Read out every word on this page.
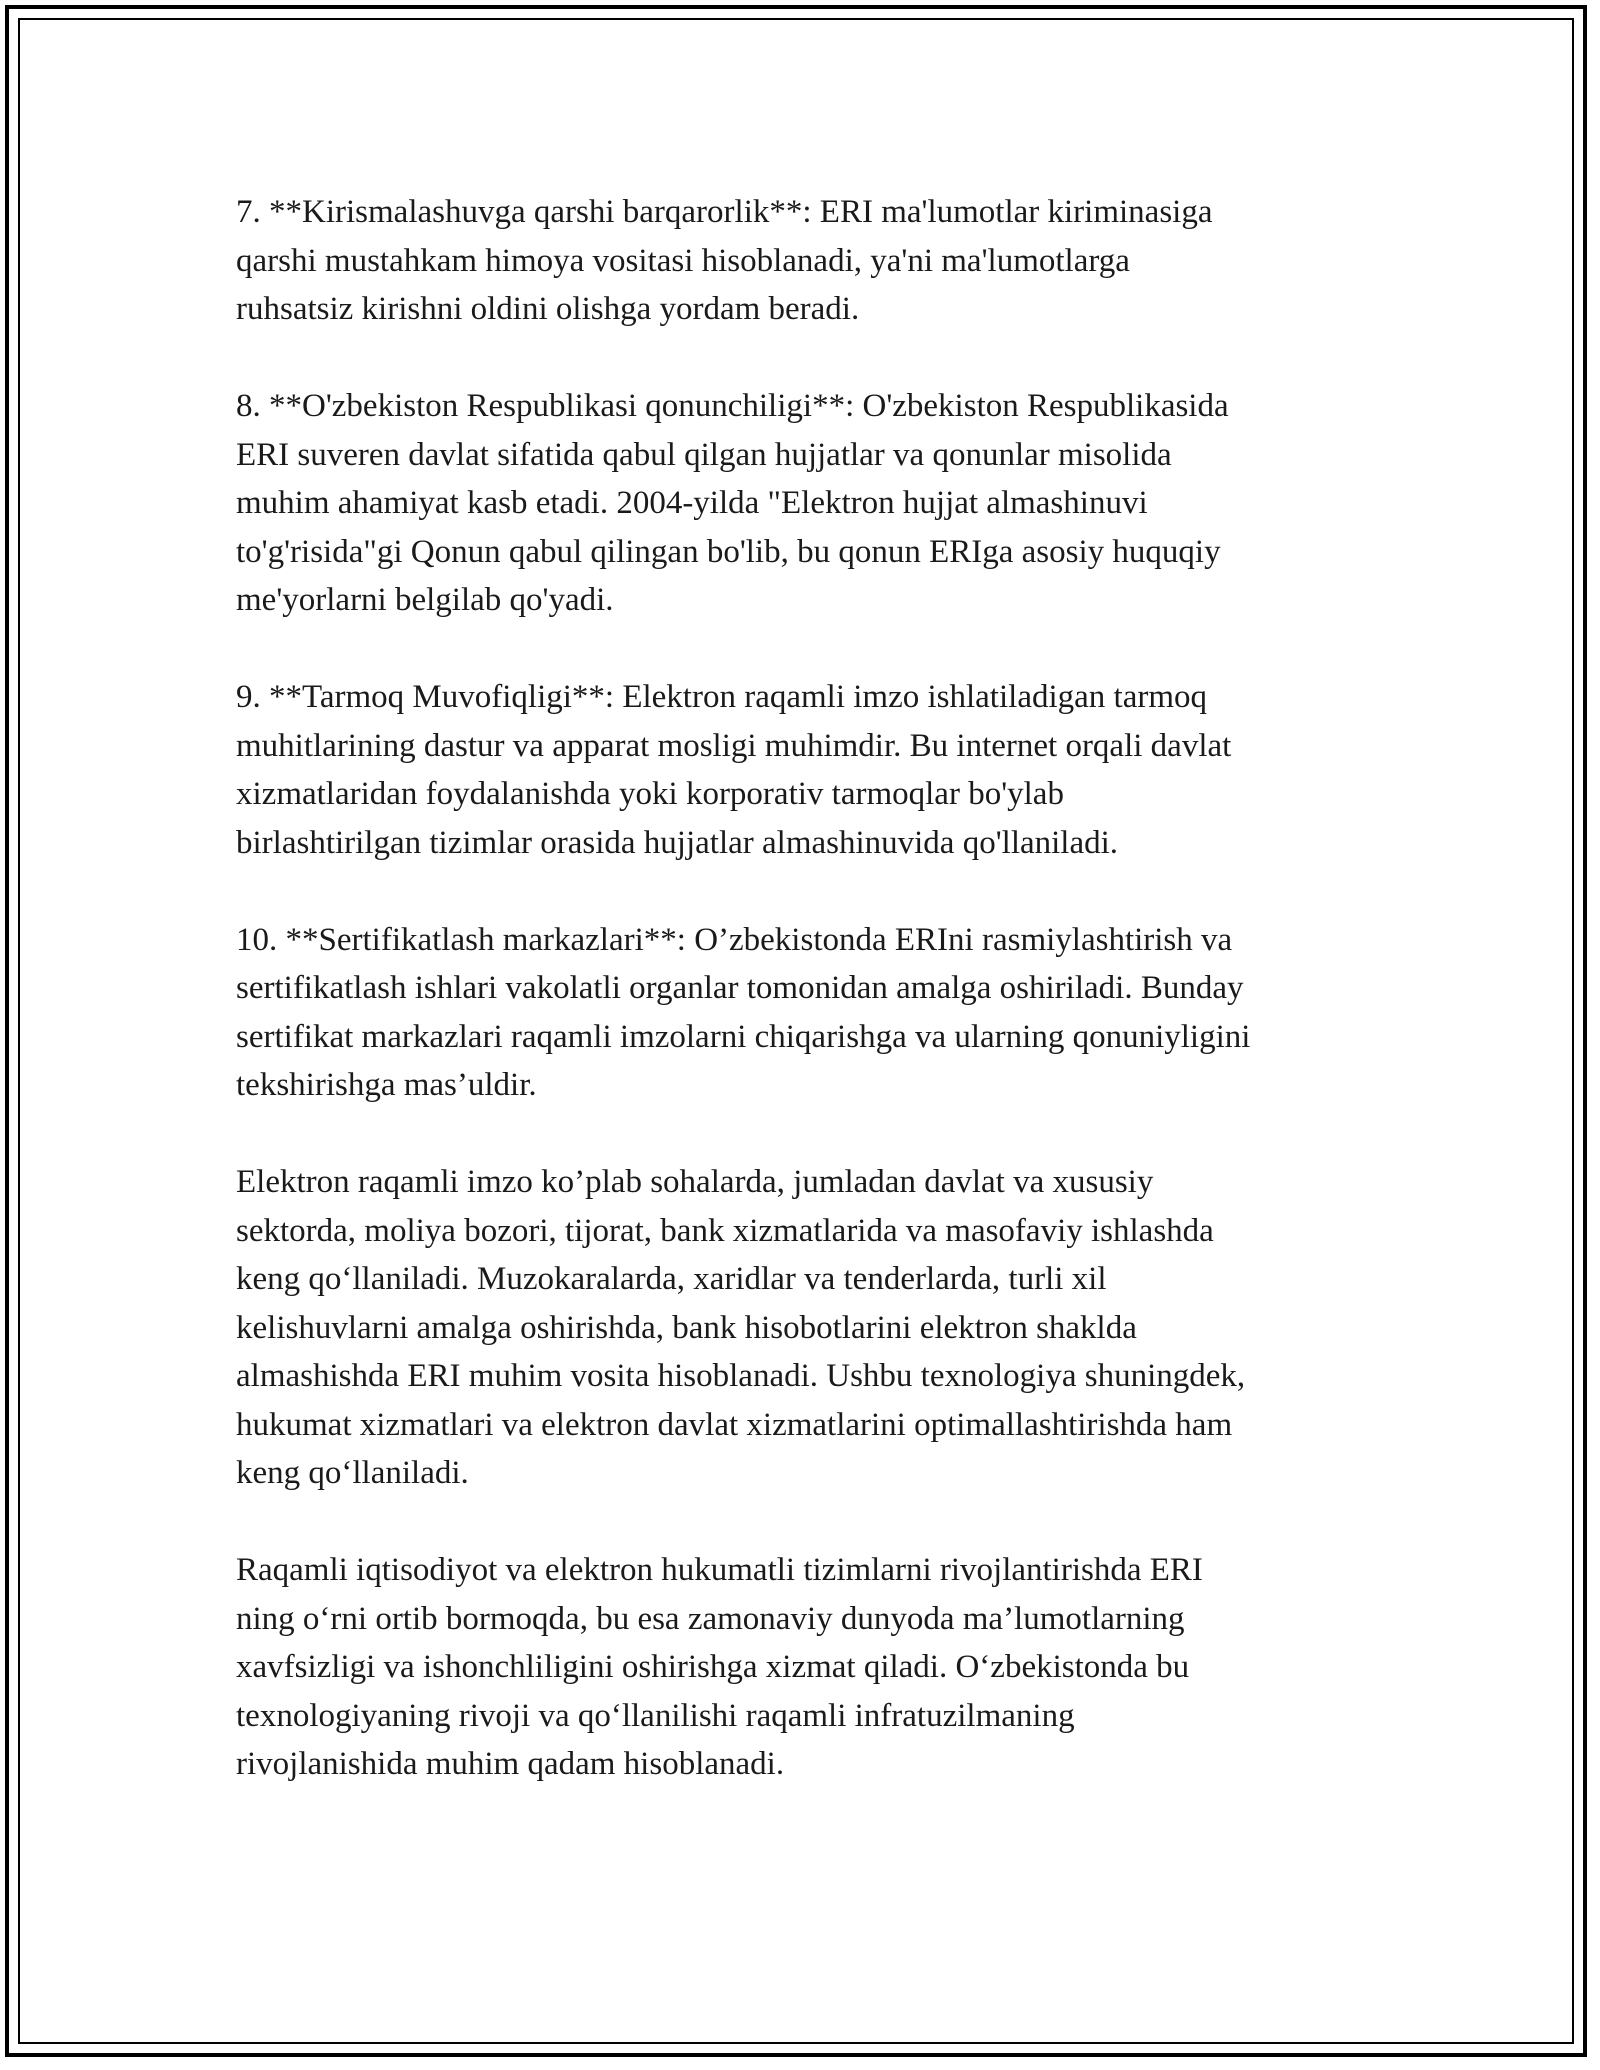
7. **Kirismalashuvga qarshi barqarorlik**: ERI ma'lumotlar kiriminasiga
qarshi mustahkam himoya vositasi hisoblanadi, ya'ni ma'lumotlarga
ruhsatsiz kirishni oldini olishga yordam beradi.

8. **O'zbekiston Respublikasi qonunchiligi**: O'zbekiston Respublikasida
ERI suveren davlat sifatida qabul qilgan hujjatlar va qonunlar misolida
muhim ahamiyat kasb etadi. 2004-yilda "Elektron hujjat almashinuvi
to'g'risida"gi Qonun qabul qilingan bo'lib, bu qonun ERIga asosiy huquqiy
me'yorlarni belgilab qo'yadi.

9. **Tarmoq Muvofiqligi**: Elektron raqamli imzo ishlatiladigan tarmoq
muhitlarining dastur va apparat mosligi muhimdir. Bu internet orqali davlat
xizmatlaridan foydalanishda yoki korporativ tarmoqlar bo'ylab
birlashtirilgan tizimlar orasida hujjatlar almashinuvida qo'llaniladi.

10. **Sertifikatlash markazlari**: O’zbekistonda ERIni rasmiylashtirish va
sertifikatlash ishlari vakolatli organlar tomonidan amalga oshiriladi. Bunday
sertifikat markazlari raqamli imzolarni chiqarishga va ularning qonuniyligini
tekshirishga mas’uldir.

Elektron raqamli imzo ko’plab sohalarda, jumladan davlat va xususiy
sektorda, moliya bozori, tijorat, bank xizmatlarida va masofaviy ishlashda
keng qo‘llaniladi. Muzokaralarda, xaridlar va tenderlarda, turli xil
kelishuvlarni amalga oshirishda, bank hisobotlarini elektron shaklda
almashishda ERI muhim vosita hisoblanadi. Ushbu texnologiya shuningdek,
hukumat xizmatlari va elektron davlat xizmatlarini optimallashtirishda ham
keng qo‘llaniladi.

Raqamli iqtisodiyot va elektron hukumatli tizimlarni rivojlantirishda ERI
ning o‘rni ortib bormoqda, bu esa zamonaviy dunyoda ma’lumotlarning
xavfsizligi va ishonchliligini oshirishga xizmat qiladi. O‘zbekistonda bu
texnologiyaning rivoji va qo‘llanilishi raqamli infratuzilmaning
rivojlanishida muhim qadam hisoblanadi.
